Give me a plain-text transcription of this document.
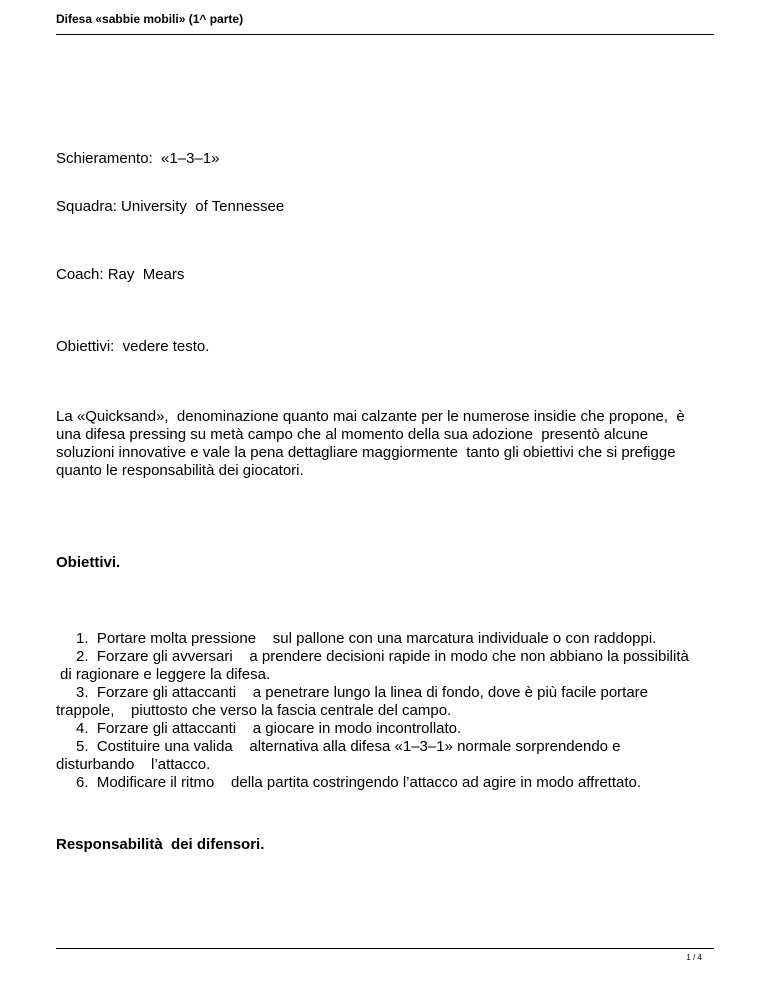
Difesa «sabbie mobili» (1^ parte)
Schieramento:  «1–3–1»
Squadra: University  of Tennessee
Coach: Ray  Mears
Obiettivi:  vedere testo.
La «Quicksand»,  denominazione quanto mai calzante per le numerose insidie che propone,  è
una difesa pressing su metà campo che al momento della sua adozione  presentò alcune
soluzioni innovative e vale la pena dettagliare maggiormente  tanto gli obiettivi che si prefigge
quanto le responsabilità dei giocatori.
Obiettivi.
1.  Portare molta pressione    sul pallone con una marcatura individuale o con raddoppi.
2.  Forzare gli avversari    a prendere decisioni rapide in modo che non abbiano la possibilità
di ragionare e leggere la difesa.
3.  Forzare gli attaccanti    a penetrare lungo la linea di fondo, dove è più facile portare
trappole,    piuttosto che verso la fascia centrale del campo.
4.  Forzare gli attaccanti    a giocare in modo incontrollato.
5.  Costituire una valida    alternativa alla difesa «1–3–1» normale sorprendendo e
disturbando    l’attacco.
6.  Modificare il ritmo    della partita costringendo l’attacco ad agire in modo affrettato.
Responsabilità  dei difensori.
1 / 4
